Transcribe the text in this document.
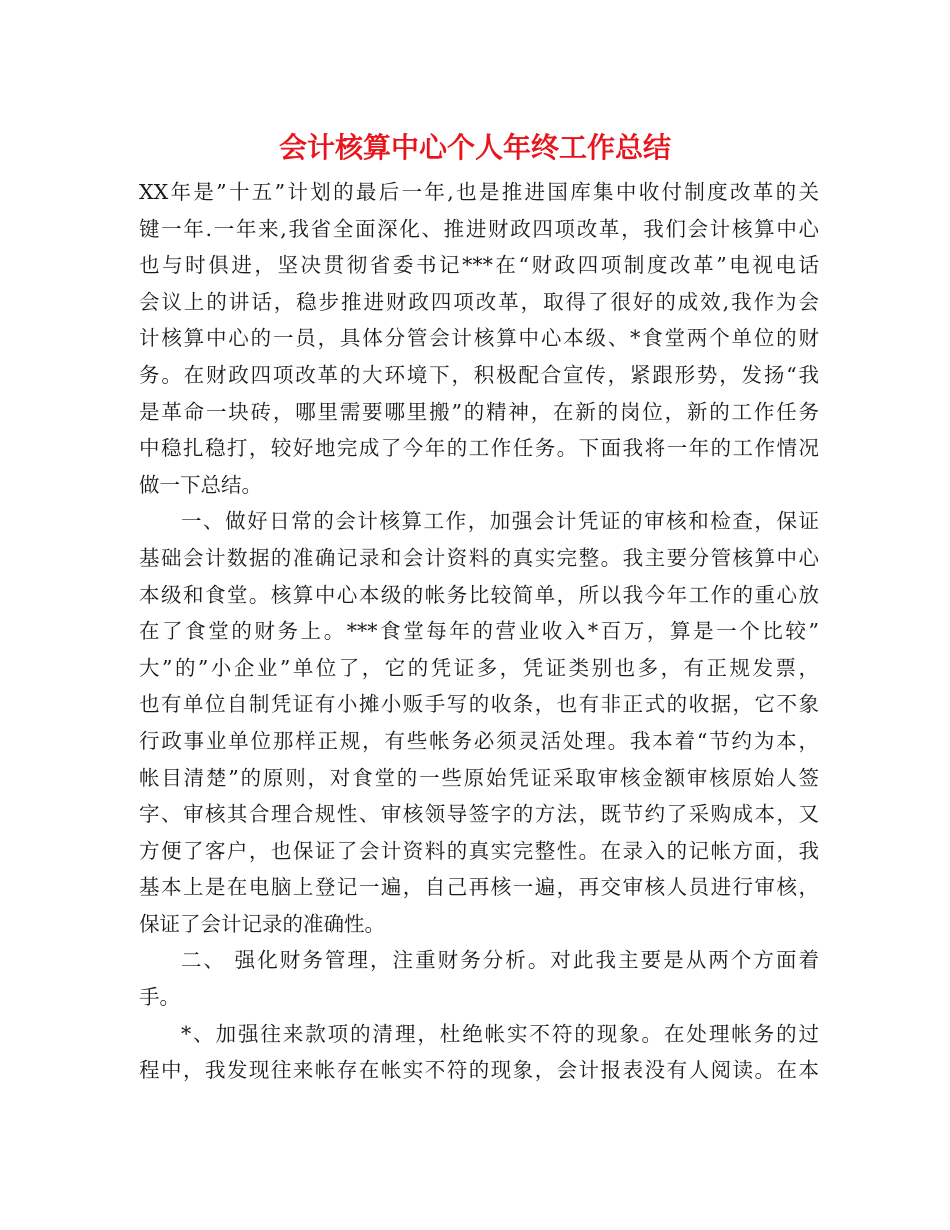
会计核算中心个人年终工作总结
XX年是”十五”计划的最后一年,也是推进国库集中收付制度改革的关
键一年.一年来,我省全面深化、推进财政四项改革，我们会计核算中心
也与时俱进，坚决贯彻省委书记***在“财政四项制度改革”电视电话
会议上的讲话，稳步推进财政四项改革，取得了很好的成效,我作为会
计核算中心的一员，具体分管会计核算中心本级、*食堂两个单位的财
务。在财政四项改革的大环境下，积极配合宣传，紧跟形势，发扬“我
是革命一块砖，哪里需要哪里搬”的精神，在新的岗位，新的工作任务
中稳扎稳打，较好地完成了今年的工作任务。下面我将一年的工作情况
做一下总结。
一、做好日常的会计核算工作，加强会计凭证的审核和检查，保证
基础会计数据的准确记录和会计资料的真实完整。我主要分管核算中心
本级和食堂。核算中心本级的帐务比较简单，所以我今年工作的重心放
在了食堂的财务上。***食堂每年的营业收入*百万，算是一个比较”
大”的”小企业”单位了，它的凭证多，凭证类别也多，有正规发票，
也有单位自制凭证有小摊小贩手写的收条，也有非正式的收据，它不象
行政事业单位那样正规，有些帐务必须灵活处理。我本着“节约为本，
帐目清楚”的原则，对食堂的一些原始凭证采取审核金额审核原始人签
字、审核其合理合规性、审核领导签字的方法，既节约了采购成本，又
方便了客户，也保证了会计资料的真实完整性。在录入的记帐方面，我
基本上是在电脑上登记一遍，自己再核一遍，再交审核人员进行审核，
保证了会计记录的准确性。
二、 强化财务管理，注重财务分析。对此我主要是从两个方面着
手。
*、加强往来款项的清理，杜绝帐实不符的现象。在处理帐务的过
程中，我发现往来帐存在帐实不符的现象，会计报表没有人阅读。在本
